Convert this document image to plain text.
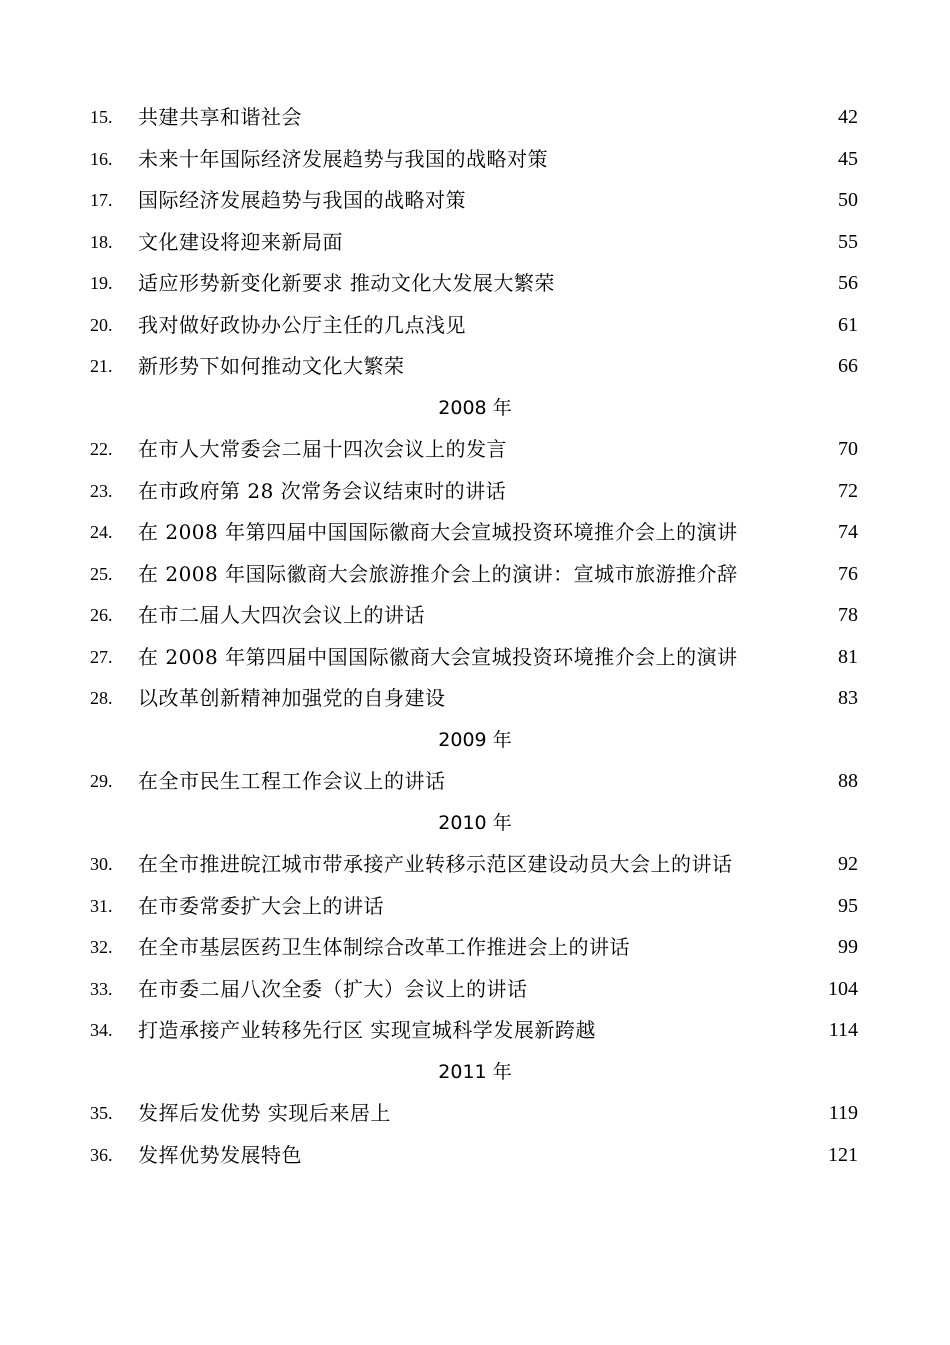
15.	共建共享和谐社会	42
16.	未来十年国际经济发展趋势与我国的战略对策	45
17.	国际经济发展趋势与我国的战略对策	50
18.	文化建设将迎来新局面	55
19.	适应形势新变化新要求 推动文化大发展大繁荣	56
20.	我对做好政协办公厅主任的几点浅见	61
21.	新形势下如何推动文化大繁荣	66
2008 年
22.	在市人大常委会二届十四次会议上的发言	70
23.	在市政府第 28 次常务会议结束时的讲话	72
24.	在 2008 年第四届中国国际徽商大会宣城投资环境推介会上的演讲	74
25.	在 2008 年国际徽商大会旅游推介会上的演讲：宣城市旅游推介辞	76
26.	在市二届人大四次会议上的讲话	78
27.	在 2008 年第四届中国国际徽商大会宣城投资环境推介会上的演讲	81
28.	以改革创新精神加强党的自身建设	83
2009 年
29.	在全市民生工程工作会议上的讲话	88
2010 年
30.	在全市推进皖江城市带承接产业转移示范区建设动员大会上的讲话	92
31.	在市委常委扩大会上的讲话	95
32.	在全市基层医药卫生体制综合改革工作推进会上的讲话	99
33.	在市委二届八次全委（扩大）会议上的讲话	104
34.	打造承接产业转移先行区 实现宣城科学发展新跨越	114
2011 年
35.	发挥后发优势 实现后来居上	119
36.	发挥优势发展特色	121
